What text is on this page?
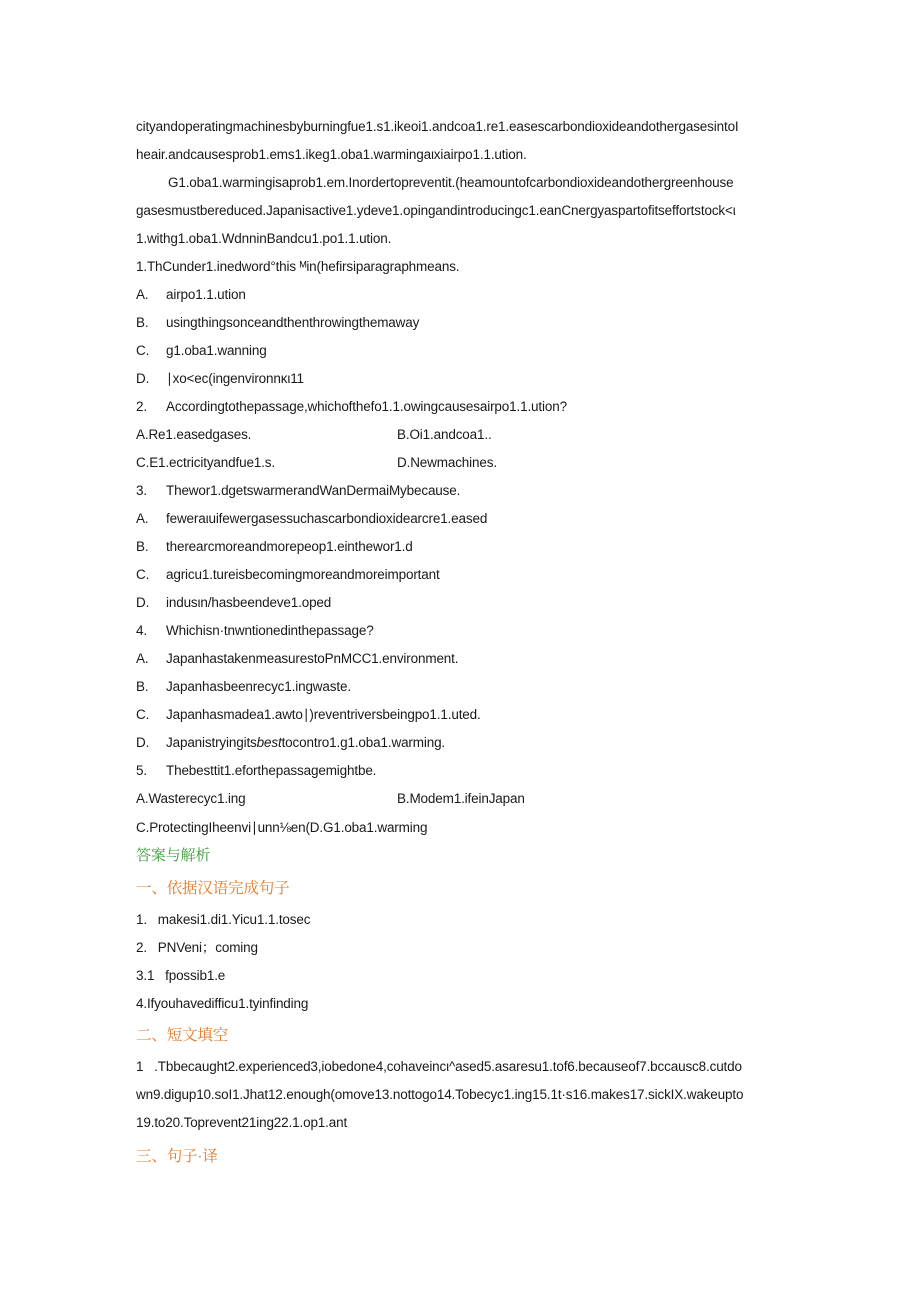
cityandoperatingmachinesbyburningfue1.s1.ikeoi1.andcoa1.re1.easescarbondioxideandothergasesintoI
heair.andcausesprob1.ems1.ikeg1.oba1.warmingaιxiairpo1.1.ution.
G1.oba1.warmingisaprob1.em.Inordertopreventit.(heamountofcarbondioxideandothergreenhouse
gasesmustbereduced.Japanisactive1.ydeve1.opingandintroducingc1.eanCnergyaspartofitseffortstock<ι
1.withg1.oba1.WdnninBandcu1.po1.1.ution.
1.ThCunder1.inedword°this ᴹin(hefirsiparagraphmeans.
A. airpo1.1.ution
B. usingthingsonceandthenthrowingthemaway
C. g1.oba1.wanning
D. ∣xo<ec(ingenvironnκι11
2. Accordingtothepassage,whichofthefo1.1.owingcausesairpo1.1.ution?
A.Re1.easedgases.	B.Oi1.andcoa1..
C.E1.ectricityandfue1.s.	D.Newmachines.
3. Thewor1.dgetswarmerandWanDermaiMybecause.
A. feweraιuifewergasessuchascarbondioxidearcre1.eased
B. therearcmoreandmorepeop1.einthewor1.d
C. agricu1.tureisbecomingmoreandmoreimportant
D. indusιn/hasbeendeve1.oped
4. Whichisn·tnwntionedinthepassage?
A. JapanhastakenmeasurestoPnMCC1.environment.
B. Japanhasbeenrecyc1.ingwaste.
C. Japanhasmadea1.awto∣)reventriversbeingpo1.1.uted.
D. Japanistryingitsbesttocontro1.g1.oba1.warming.
5. Thebesttit1.eforthepassagemightbe.
A.Wasterecyc1.ing	B.Modem1.ifeinJapan
C.ProtectingIheenvi∣unn⅛en(D.G1.oba1.warming
答案与解析
一、依据汉语完成句子
1.   makesi1.di1.Yicu1.1.tosec
2.   PNVeni；coming
3.1   fpossib1.e
4.Ifyouhavedifficu1.tyinfinding
二、短文填空
1   .Tbbecaught2.experienced3,iobedone4,cohaveincι^ased5.asaresu1.tof6.becauseof7.bccausc8.cutdo
wn9.digup10.soI1.Jhat12.enough(omove13.nottogo14.Tobecyc1.ing15.1t·s16.makes17.sickIX.wakeupto
19.to20.Toprevent21ing22.1.op1.ant
三、句子·译
